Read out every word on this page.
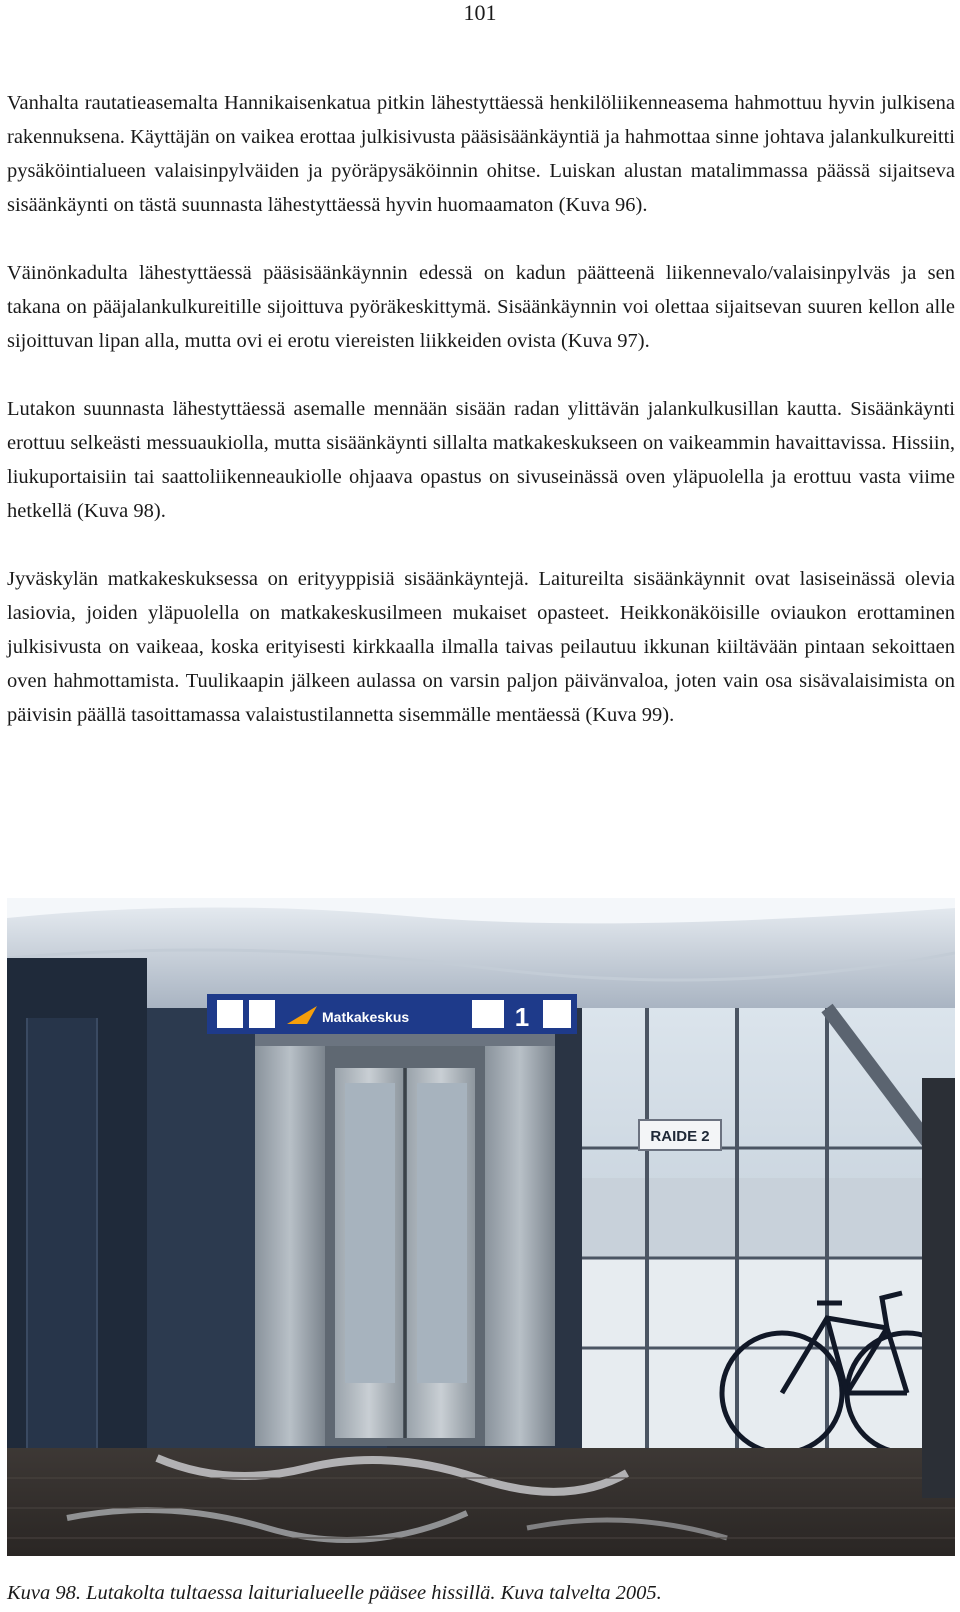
101

Vanhalta rautatieasemalta Hannikaisenkatua pitkin lähestyttäessä henkilöliikenneasema hahmottuu hyvin julkisena rakennuksena. Käyttäjän on vaikea erottaa julkisivusta pääsisäänkäyntiä ja hahmottaa sinne johtava jalankulkureitti pysäköintialueen valaisinpylväiden ja pyöräpysäköinnin ohitse. Luiskan alustan matalimmassa päässä sijaitseva sisäänkäynti on tästä suunnasta lähestyttäessä hyvin huomaamaton (Kuva 96).

Väinönkadulta lähestyttäessä pääsisäänkäynnin edessä on kadun päätteenä liikennevalo/valaisinpylväs ja sen takana on pääjalankulkureitille sijoittuva pyöräkeskittymä. Sisäänkäynnin voi olettaa sijaitsevan suuren kellon alle sijoittuvan lipan alla, mutta ovi ei erotu viereisten liikkeiden ovista (Kuva 97).

Lutakon suunnasta lähestyttäessä asemalle mennään sisään radan ylittävän jalankulkusillan kautta. Sisäänkäynti erottuu selkeästi messuaukiolla, mutta sisäänkäynti sillalta matkakeskukseen on vaikeammin havaittavissa. Hissiin, liukuportaisiin tai saattoliikenneaukiolle ohjaava opastus on sivuseinässä oven yläpuolella ja erottuu vasta viime hetkellä (Kuva 98).

Jyväskylän matkakeskuksessa on erityyppisiä sisäänkäyntejä. Laitureilta sisäänkäynnit ovat lasiseinässä olevia lasiovia, joiden yläpuolella on matkakeskusilmeen mukaiset opasteet. Heikkonäköisille oviaukon erottaminen julkisivusta on vaikeaa, koska erityisesti kirkkaalla ilmalla taivas peilautuu ikkunan kiiltävään pintaan sekoittaen oven hahmottamista. Tuulikaapin jälkeen aulassa on varsin paljon päivänvaloa, joten vain osa sisävalaisimista on päivisin päällä tasoittamassa valaistustilannetta sisemmälle mentäessä (Kuva 99).

RAIDE 2
Matkakeskus	1
Kuva 98. Lutakolta tultaessa laiturialueelle pääsee hissillä. Kuva talvelta 2005.
